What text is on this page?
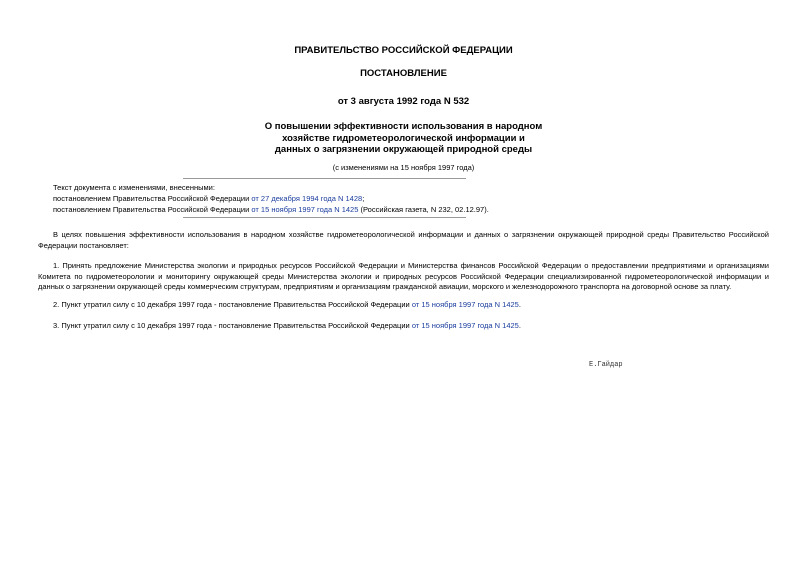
ПРАВИТЕЛЬСТВО РОССИЙСКОЙ ФЕДЕРАЦИИ
ПОСТАНОВЛЕНИЕ
от 3 августа 1992 года N 532
О повышении эффективности использования в народном
хозяйстве гидрометеорологической информации и
данных о загрязнении окружающей природной среды
(с изменениями на 15 ноября 1997 года)
Текст документа с изменениями, внесенными:
постановлением Правительства Российской Федерации от 27 декабря 1994 года N 1428;
постановлением Правительства Российской Федерации от 15 ноября 1997 года N 1425 (Российская газета, N 232, 02.12.97).
В целях повышения эффективности использования в народном хозяйстве гидрометеорологической информации и данных о загрязнении окружающей природной среды Правительство Российской Федерации постановляет:
1. Принять предложение Министерства экологии и природных ресурсов Российской Федерации и Министерства финансов Российской Федерации о предоставлении предприятиями и организациями Комитета по гидрометеорологии и мониторингу окружающей среды Министерства экологии и природных ресурсов Российской Федерации специализированной гидрометеорологической информации и данных о загрязнении окружающей среды коммерческим структурам, предприятиям и организациям гражданской авиации, морского и железнодорожного транспорта на договорной основе за плату.
2. Пункт утратил силу с 10 декабря 1997 года - постановление Правительства Российской Федерации от 15 ноября 1997 года N 1425.
3. Пункт утратил силу с 10 декабря 1997 года - постановление Правительства Российской Федерации от 15 ноября 1997 года N 1425.
Е.Гайдар
